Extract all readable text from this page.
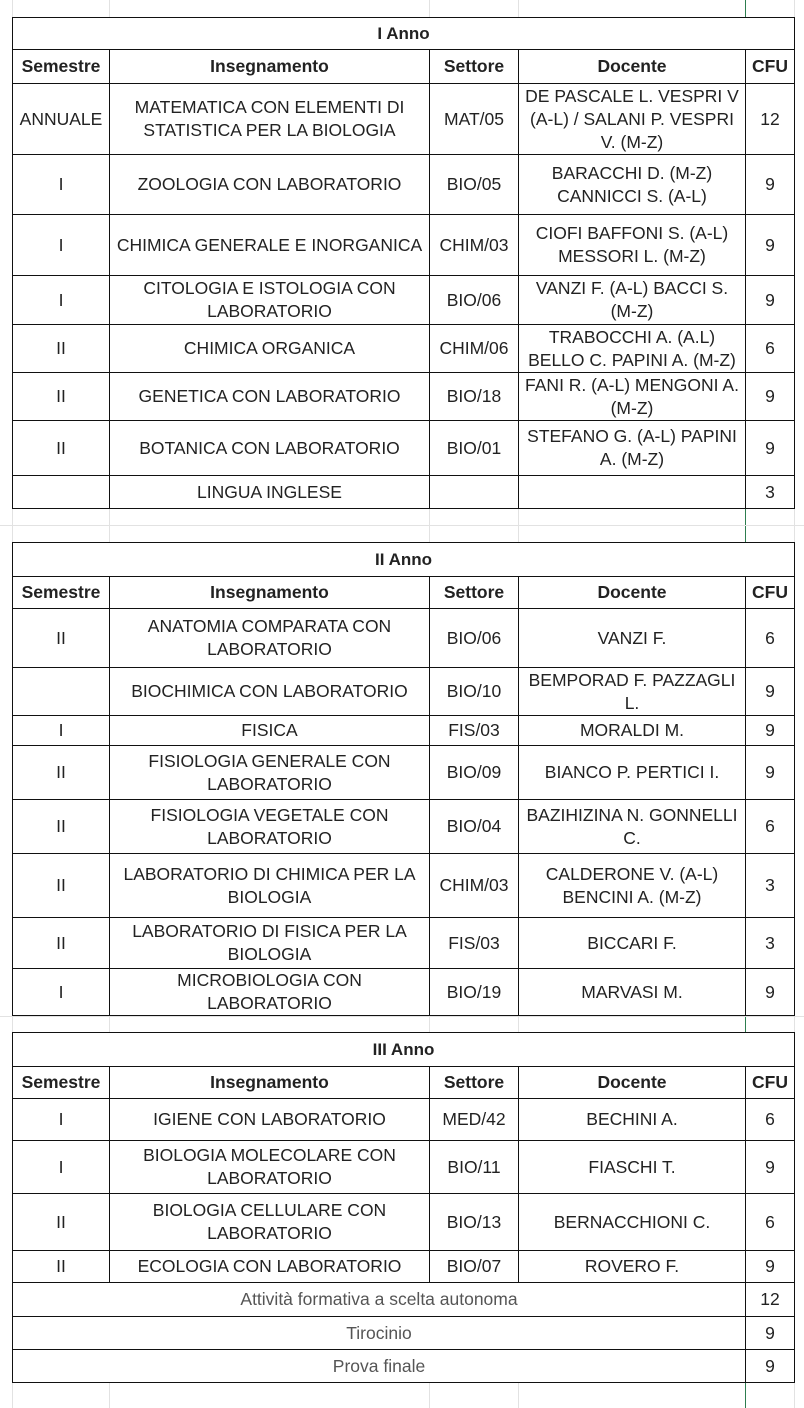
I Anno				
Semestre	Insegnamento	Settore	Docente	CFU
ANNUALE	MATEMATICA CON ELEMENTI DI STATISTICA PER LA BIOLOGIA	MAT/05	DE PASCALE L. VESPRI V (A-L) / SALANI P. VESPRI V. (M-Z)	12
I	ZOOLOGIA CON LABORATORIO	BIO/05	BARACCHI D. (M-Z) CANNICCI S. (A-L)	9
I	CHIMICA GENERALE E INORGANICA	CHIM/03	CIOFI BAFFONI S. (A-L) MESSORI L. (M-Z)	9
I	CITOLOGIA E ISTOLOGIA CON LABORATORIO	BIO/06	VANZI F. (A-L) BACCI S. (M-Z)	9
II	CHIMICA ORGANICA	CHIM/06	TRABOCCHI A. (A.L) BELLO C. PAPINI A. (M-Z)	6
II	GENETICA CON LABORATORIO	BIO/18	FANI R. (A-L) MENGONI A. (M-Z)	9
II	BOTANICA CON LABORATORIO	BIO/01	STEFANO G. (A-L) PAPINI A. (M-Z)	9
	LINGUA INGLESE			3
II Anno				
Semestre	Insegnamento	Settore	Docente	CFU
II	ANATOMIA COMPARATA CON LABORATORIO	BIO/06	VANZI F.	6
	BIOCHIMICA CON LABORATORIO	BIO/10	BEMPORAD F. PAZZAGLI L.	9
I	FISICA	FIS/03	MORALDI M.	9
II	FISIOLOGIA GENERALE CON LABORATORIO	BIO/09	BIANCO P. PERTICI I.	9
II	FISIOLOGIA VEGETALE CON LABORATORIO	BIO/04	BAZIHIZINA N. GONNELLI C.	6
II	LABORATORIO DI CHIMICA PER LA BIOLOGIA	CHIM/03	CALDERONE V. (A-L) BENCINI A. (M-Z)	3
II	LABORATORIO DI FISICA PER LA BIOLOGIA	FIS/03	BICCARI F.	3
I	MICROBIOLOGIA CON LABORATORIO	BIO/19	MARVASI M.	9
III Anno				
Semestre	Insegnamento	Settore	Docente	CFU
I	IGIENE CON LABORATORIO	MED/42	BECHINI A.	6
I	BIOLOGIA MOLECOLARE CON LABORATORIO	BIO/11	FIASCHI T.	9
II	BIOLOGIA CELLULARE CON LABORATORIO	BIO/13	BERNACCHIONI C.	6
II	ECOLOGIA CON LABORATORIO	BIO/07	ROVERO F.	9
Attività formativa a scelta autonoma				12
Tirocinio				9
Prova finale				9
